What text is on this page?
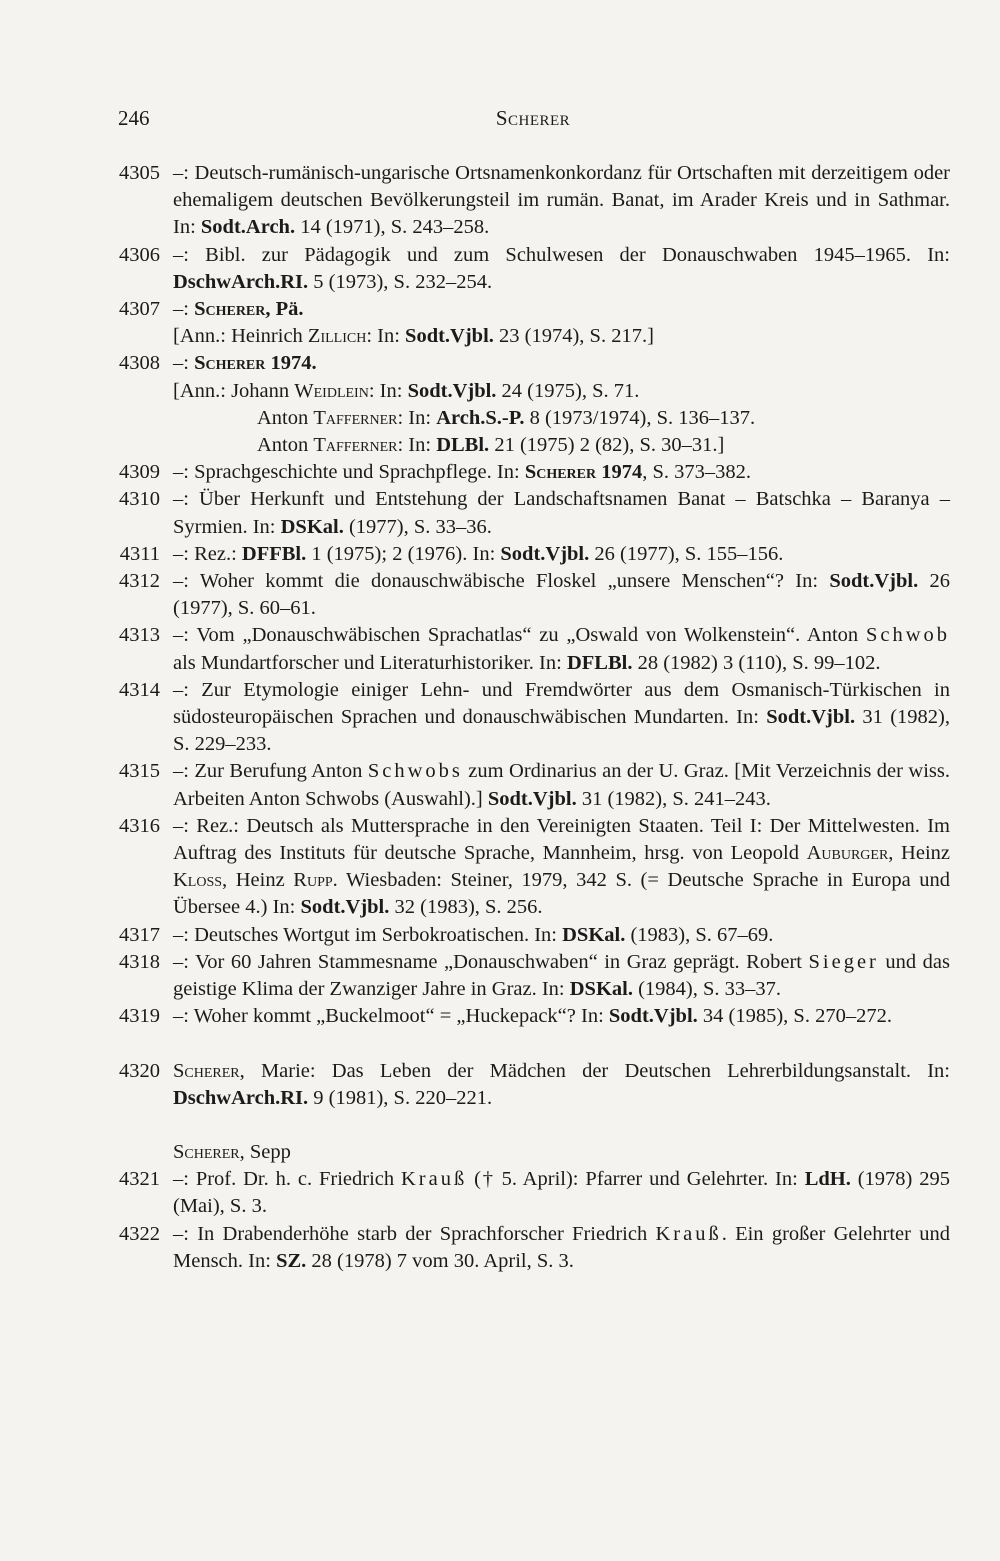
246	Scherer
4305 –: Deutsch-rumänisch-ungarische Ortsnamenkonkordanz für Ortschaften mit derzeitigem oder ehemaligem deutschen Bevölkerungsteil im rumän. Banat, im Arader Kreis und in Sathmar. In: Sodt.Arch. 14 (1971), S. 243–258.
4306 –: Bibl. zur Pädagogik und zum Schulwesen der Donauschwaben 1945–1965. In: DschwArch.RI. 5 (1973), S. 232–254.
4307 –: Scherer, Pä.
[Ann.: Heinrich Zillich: In: Sodt.Vjbl. 23 (1974), S. 217.]
4308 –: Scherer 1974.
[Ann.: Johann Weidlein: In: Sodt.Vjbl. 24 (1975), S. 71.
Anton Tafferner: In: Arch.S.-P. 8 (1973/1974), S. 136–137.
Anton Tafferner: In: DLBl. 21 (1975) 2 (82), S. 30–31.]
4309 –: Sprachgeschichte und Sprachpflege. In: Scherer 1974, S. 373–382.
4310 –: Über Herkunft und Entstehung der Landschaftsnamen Banat – Batschka – Baranya – Syrmien. In: DSKal. (1977), S. 33–36.
4311 –: Rez.: DFFBl. 1 (1975); 2 (1976). In: Sodt.Vjbl. 26 (1977), S. 155–156.
4312 –: Woher kommt die donauschwäbische Floskel „unsere Menschen“? In: Sodt.Vjbl. 26 (1977), S. 60–61.
4313 –: Vom „Donauschwäbischen Sprachatlas“ zu „Oswald von Wolkenstein“. Anton Schwob als Mundartforscher und Literaturhistoriker. In: DFLBl. 28 (1982) 3 (110), S. 99–102.
4314 –: Zur Etymologie einiger Lehn- und Fremdwörter aus dem Osmanisch-Türkischen in südosteuropäischen Sprachen und donauschwäbischen Mundarten. In: Sodt.Vjbl. 31 (1982), S. 229–233.
4315 –: Zur Berufung Anton Schwobs zum Ordinarius an der U. Graz. [Mit Verzeichnis der wiss. Arbeiten Anton Schwobs (Auswahl).] Sodt.Vjbl. 31 (1982), S. 241–243.
4316 –: Rez.: Deutsch als Muttersprache in den Vereinigten Staaten. Teil I: Der Mittelwesten. Im Auftrag des Instituts für deutsche Sprache, Mannheim, hrsg. von Leopold Auburger, Heinz Kloss, Heinz Rupp. Wiesbaden: Steiner, 1979, 342 S. (= Deutsche Sprache in Europa und Übersee 4.) In: Sodt.Vjbl. 32 (1983), S. 256.
4317 –: Deutsches Wortgut im Serbokroatischen. In: DSKal. (1983), S. 67–69.
4318 –: Vor 60 Jahren Stammesname „Donauschwaben“ in Graz geprägt. Robert Sieger und das geistige Klima der Zwanziger Jahre in Graz. In: DSKal. (1984), S. 33–37.
4319 –: Woher kommt „Buckelmoot“ = „Huckepack“? In: Sodt.Vjbl. 34 (1985), S. 270–272.
4320 Scherer, Marie: Das Leben der Mädchen der Deutschen Lehrerbildungsanstalt. In: DschwArch.RI. 9 (1981), S. 220–221.
Scherer, Sepp
4321 –: Prof. Dr. h. c. Friedrich Krauß († 5. April): Pfarrer und Gelehrter. In: LdH. (1978) 295 (Mai), S. 3.
4322 –: In Drabenderhöhe starb der Sprachforscher Friedrich Krauß. Ein großer Gelehrter und Mensch. In: SZ. 28 (1978) 7 vom 30. April, S. 3.
